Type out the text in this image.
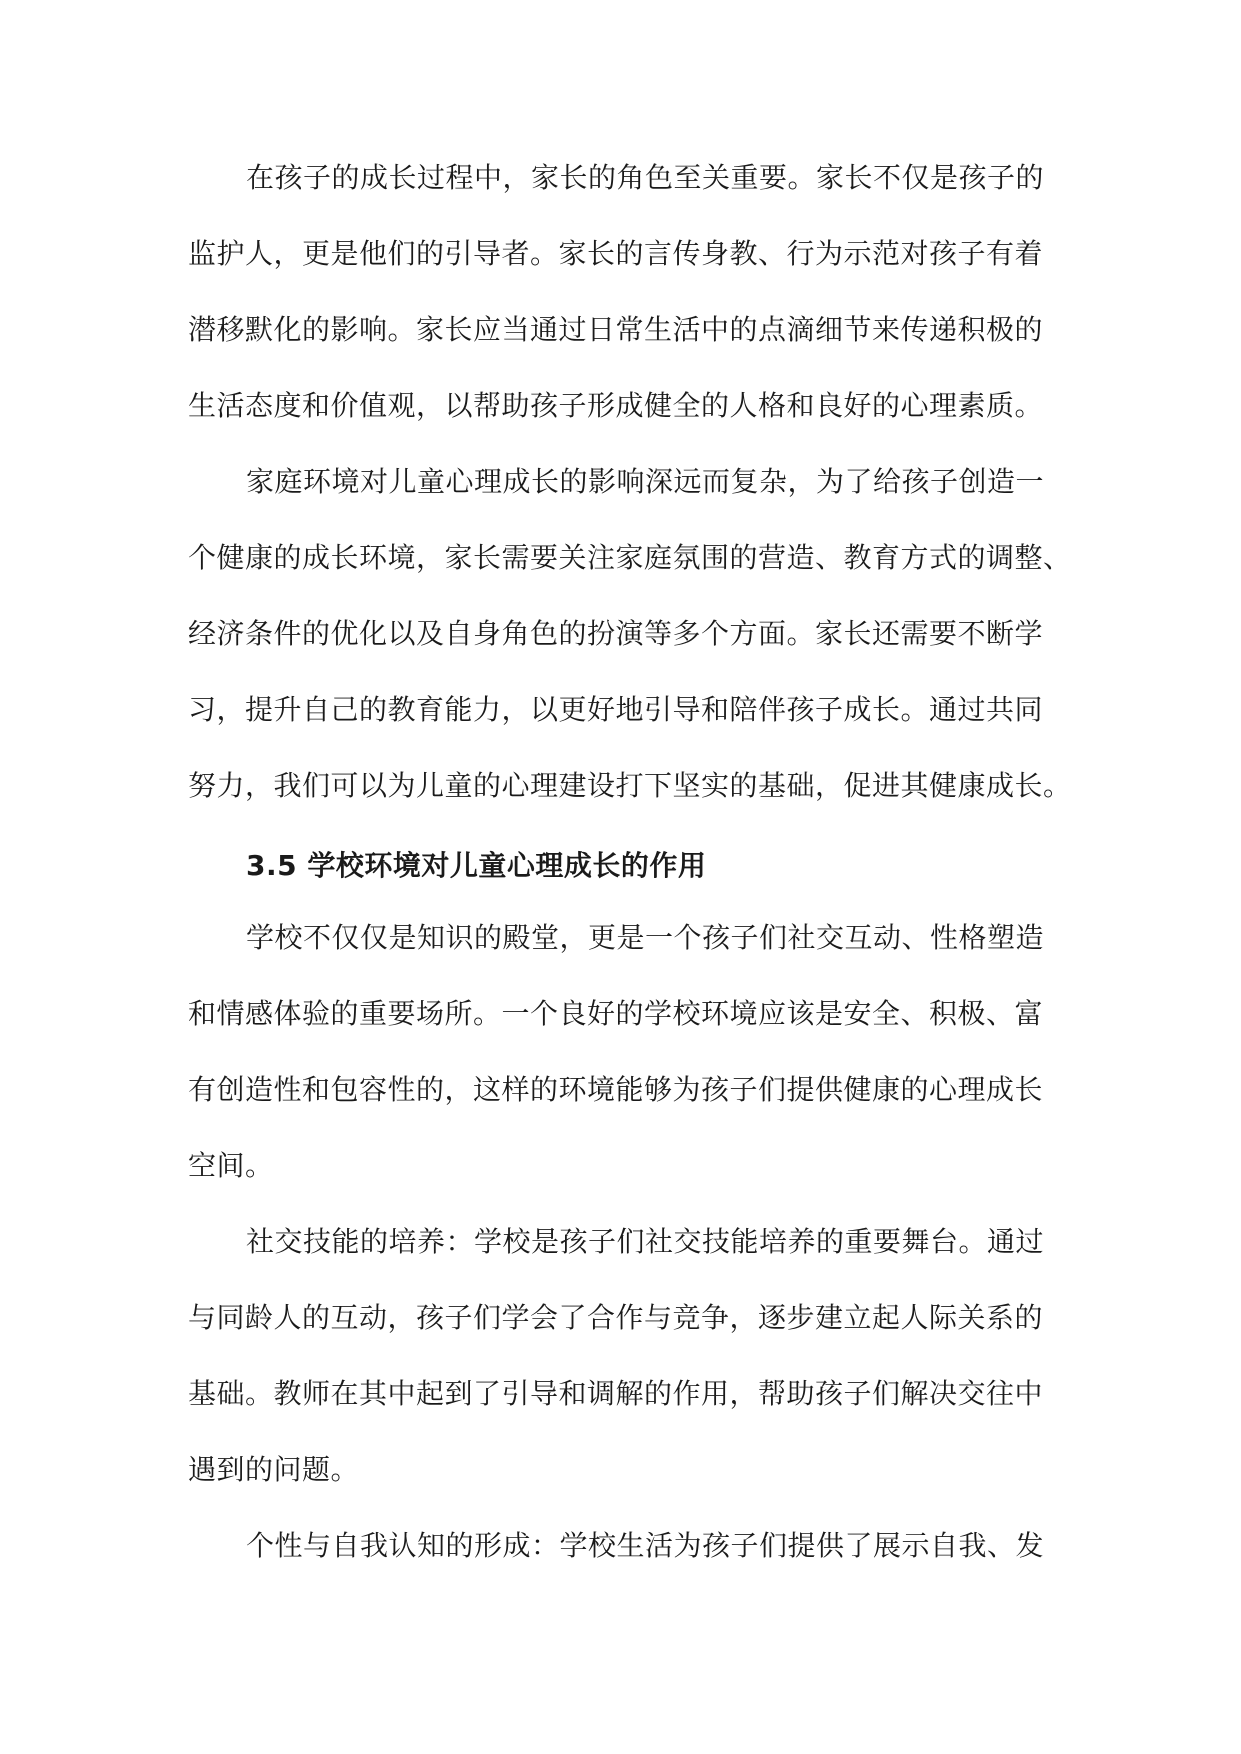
在孩子的成长过程中，家长的角色至关重要。家长不仅是孩子的
监护人，更是他们的引导者。家长的言传身教、行为示范对孩子有着
潜移默化的影响。家长应当通过日常生活中的点滴细节来传递积极的
生活态度和价值观，以帮助孩子形成健全的人格和良好的心理素质。

家庭环境对儿童心理成长的影响深远而复杂，为了给孩子创造一
个健康的成长环境，家长需要关注家庭氛围的营造、教育方式的调整、
经济条件的优化以及自身角色的扮演等多个方面。家长还需要不断学
习，提升自己的教育能力，以更好地引导和陪伴孩子成长。通过共同
努力，我们可以为儿童的心理建设打下坚实的基础，促进其健康成长。

3.5 学校环境对儿童心理成长的作用

学校不仅仅是知识的殿堂，更是一个孩子们社交互动、性格塑造
和情感体验的重要场所。一个良好的学校环境应该是安全、积极、富
有创造性和包容性的，这样的环境能够为孩子们提供健康的心理成长
空间。

社交技能的培养：学校是孩子们社交技能培养的重要舞台。通过
与同龄人的互动，孩子们学会了合作与竞争，逐步建立起人际关系的
基础。教师在其中起到了引导和调解的作用，帮助孩子们解决交往中
遇到的问题。

个性与自我认知的形成：学校生活为孩子们提供了展示自我、发
